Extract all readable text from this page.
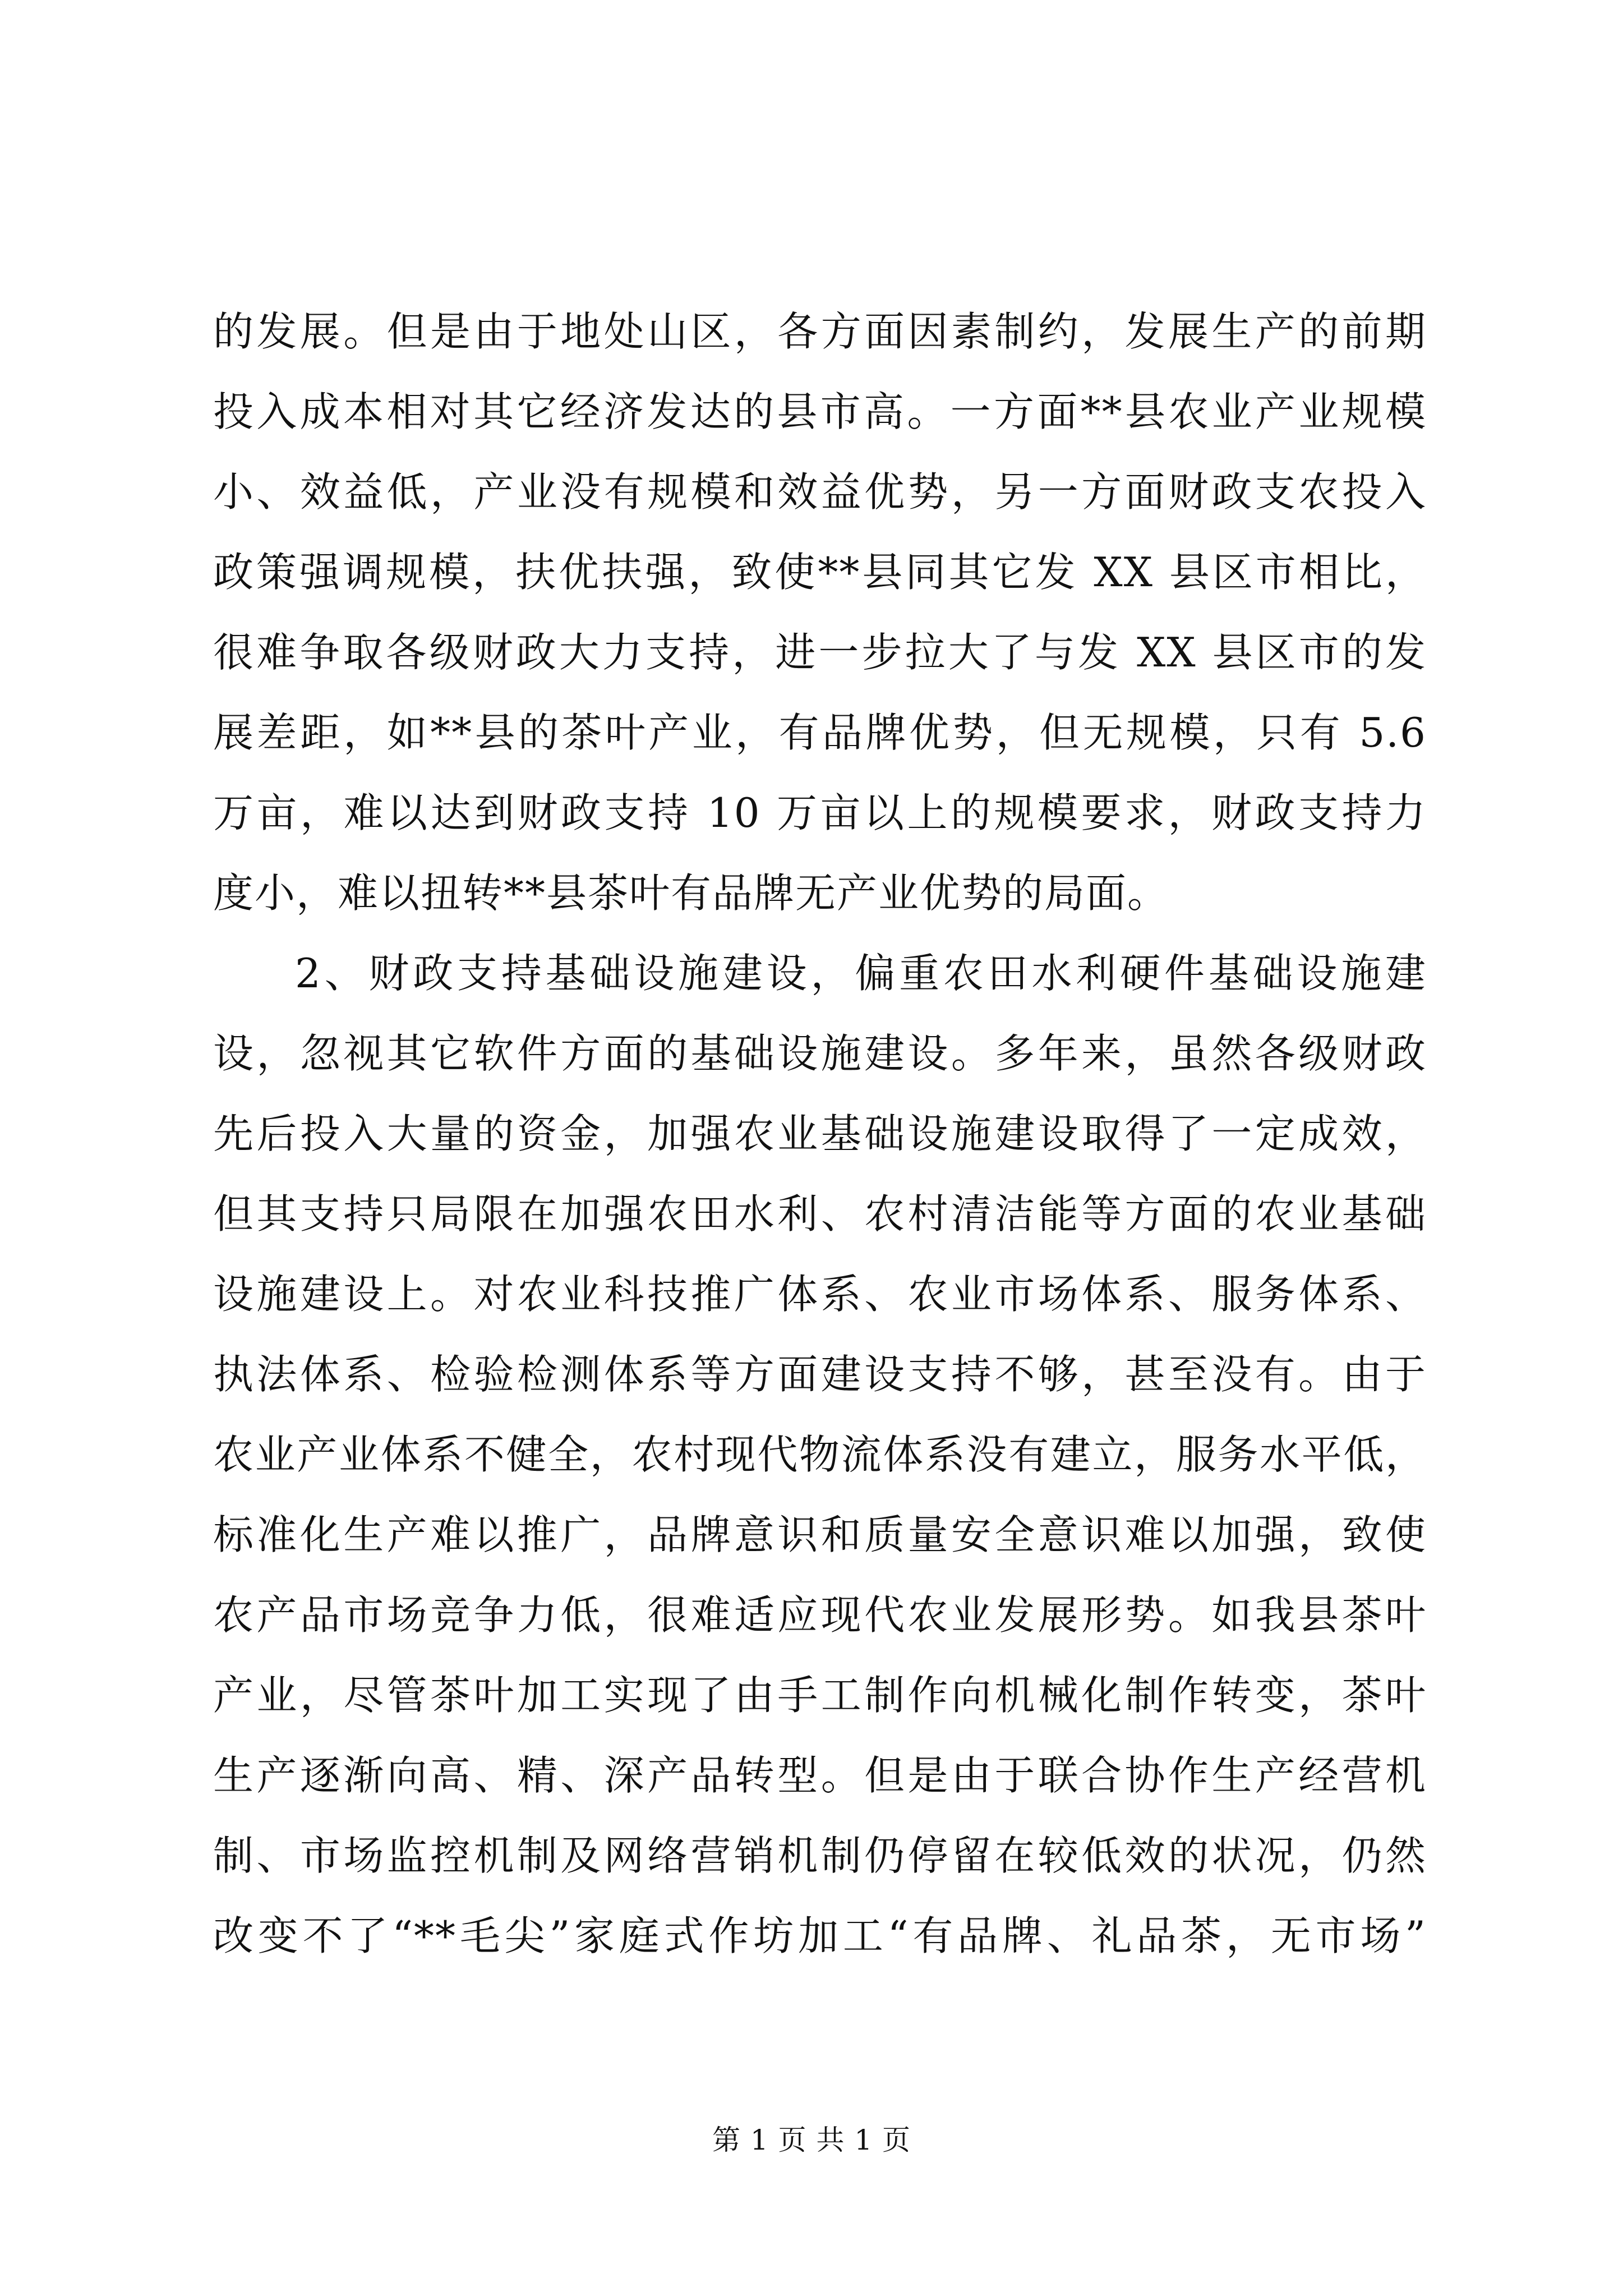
的发展。但是由于地处山区，各方面因素制约，发展生产的前期
投入成本相对其它经济发达的县市高。一方面**县农业产业规模
小、效益低，产业没有规模和效益优势，另一方面财政支农投入
政策强调规模，扶优扶强，致使**县同其它发 XX 县区市相比，
很难争取各级财政大力支持，进一步拉大了与发 XX 县区市的发
展差距，如**县的茶叶产业，有品牌优势，但无规模，只有 5.6
万亩，难以达到财政支持 10 万亩以上的规模要求，财政支持力
度小，难以扭转**县茶叶有品牌无产业优势的局面。
2、财政支持基础设施建设，偏重农田水利硬件基础设施建
设，忽视其它软件方面的基础设施建设。多年来，虽然各级财政
先后投入大量的资金，加强农业基础设施建设取得了一定成效，
但其支持只局限在加强农田水利、农村清洁能等方面的农业基础
设施建设上。对农业科技推广体系、农业市场体系、服务体系、
执法体系、检验检测体系等方面建设支持不够，甚至没有。由于
农业产业体系不健全，农村现代物流体系没有建立，服务水平低，
标准化生产难以推广，品牌意识和质量安全意识难以加强，致使
农产品市场竞争力低，很难适应现代农业发展形势。如我县茶叶
产业，尽管茶叶加工实现了由手工制作向机械化制作转变，茶叶
生产逐渐向高、精、深产品转型。但是由于联合协作生产经营机
制、市场监控机制及网络营销机制仍停留在较低效的状况，仍然
改变不了“**毛尖”家庭式作坊加工“有品牌、礼品茶，无市场”
第 1 页 共 1 页
